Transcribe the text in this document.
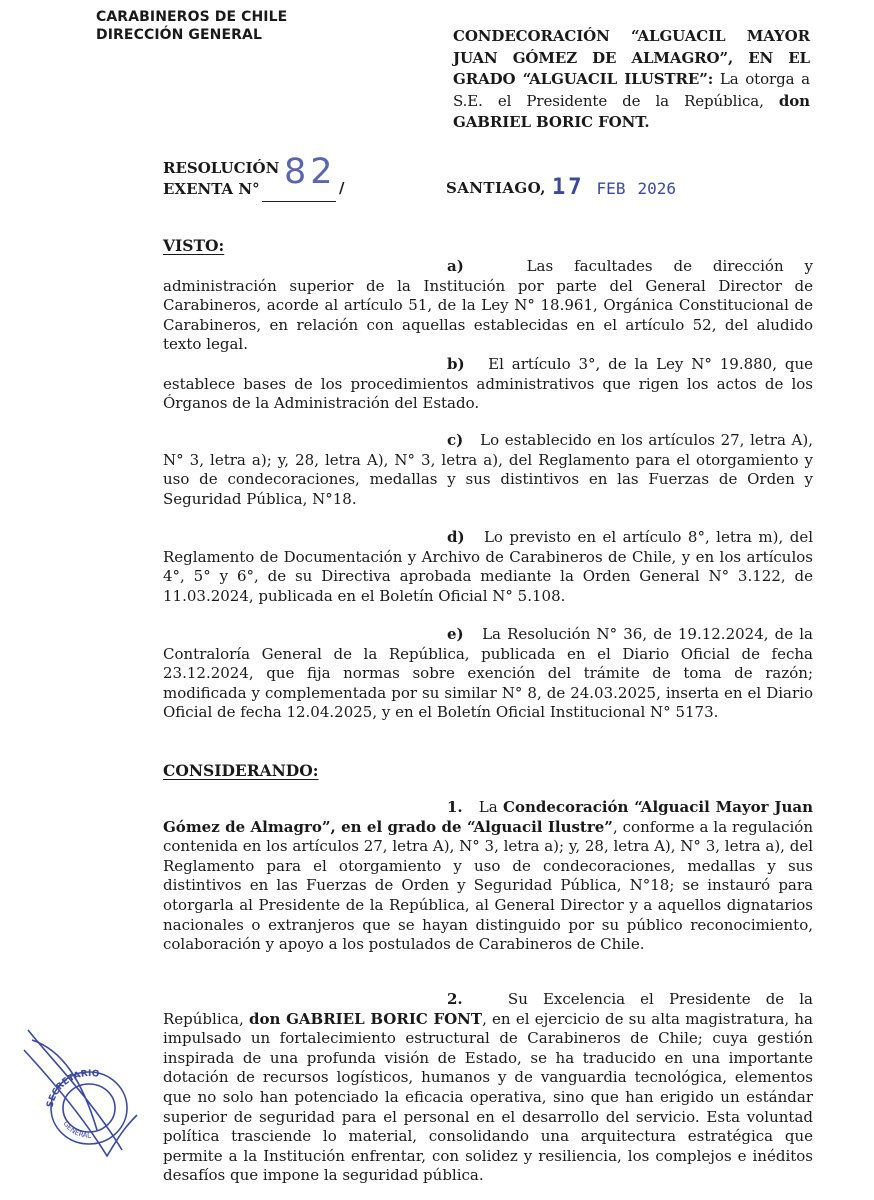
CARABINEROS DE CHILE
DIRECCIÓN GENERAL	CONDECORACIÓN “ALGUACIL MAYOR JUAN GÓMEZ DE ALMAGRO”, EN EL GRADO “ALGUACIL ILUSTRE”: La otorga a S.E. el Presidente de la República, don GABRIEL BORIC FONT.
RESOLUCIÓN
EXENTA N° 82 /	SANTIAGO, 17 FEB 2026
VISTO:
a)	Las facultades de dirección y administración superior de la Institución por parte del General Director de Carabineros, acorde al artículo 51, de la Ley N° 18.961, Orgánica Constitucional de Carabineros, en relación con aquellas establecidas en el artículo 52, del aludido texto legal.
b) El artículo 3°, de la Ley N° 19.880, que establece bases de los procedimientos administrativos que rigen los actos de los Órganos de la Administración del Estado.
c) Lo establecido en los artículos 27, letra A), N° 3, letra a); y, 28, letra A), N° 3, letra a), del Reglamento para el otorgamiento y uso de condecoraciones, medallas y sus distintivos en las Fuerzas de Orden y Seguridad Pública, N°18.
d) Lo previsto en el artículo 8°, letra m), del Reglamento de Documentación y Archivo de Carabineros de Chile, y en los artículos 4°, 5° y 6°, de su Directiva aprobada mediante la Orden General N° 3.122, de 11.03.2024, publicada en el Boletín Oficial N° 5.108.
e) La Resolución N° 36, de 19.12.2024, de la Contraloría General de la República, publicada en el Diario Oficial de fecha 23.12.2024, que fija normas sobre exención del trámite de toma de razón; modificada y complementada por su similar N° 8, de 24.03.2025, inserta en el Diario Oficial de fecha 12.04.2025, y en el Boletín Oficial Institucional N° 5173.
CONSIDERANDO:
1. La Condecoración “Alguacil Mayor Juan Gómez de Almagro”, en el grado de “Alguacil Ilustre”, conforme a la regulación contenida en los artículos 27, letra A), N° 3, letra a); y, 28, letra A), N° 3, letra a), del Reglamento para el otorgamiento y uso de condecoraciones, medallas y sus distintivos en las Fuerzas de Orden y Seguridad Pública, N°18; se instauró para otorgarla al Presidente de la República, al General Director y a aquellos dignatarios nacionales o extranjeros que se hayan distinguido por su público reconocimiento, colaboración y apoyo a los postulados de Carabineros de Chile.
2.	Su Excelencia el Presidente de la República, don GABRIEL BORIC FONT, en el ejercicio de su alta magistratura, ha impulsado un fortalecimiento estructural de Carabineros de Chile; cuya gestión inspirada de una profunda visión de Estado, se ha traducido en una importante dotación de recursos logísticos, humanos y de vanguardia tecnológica, elementos que no solo han potenciado la eficacia operativa, sino que han erigido un estándar superior de seguridad para el personal en el desarrollo del servicio. Esta voluntad política trasciende lo material, consolidando una arquitectura estratégica que permite a la Institución enfrentar, con solidez y resiliencia, los complejos e inéditos desafíos que impone la seguridad pública.
SECRETARIO
GENERAL
